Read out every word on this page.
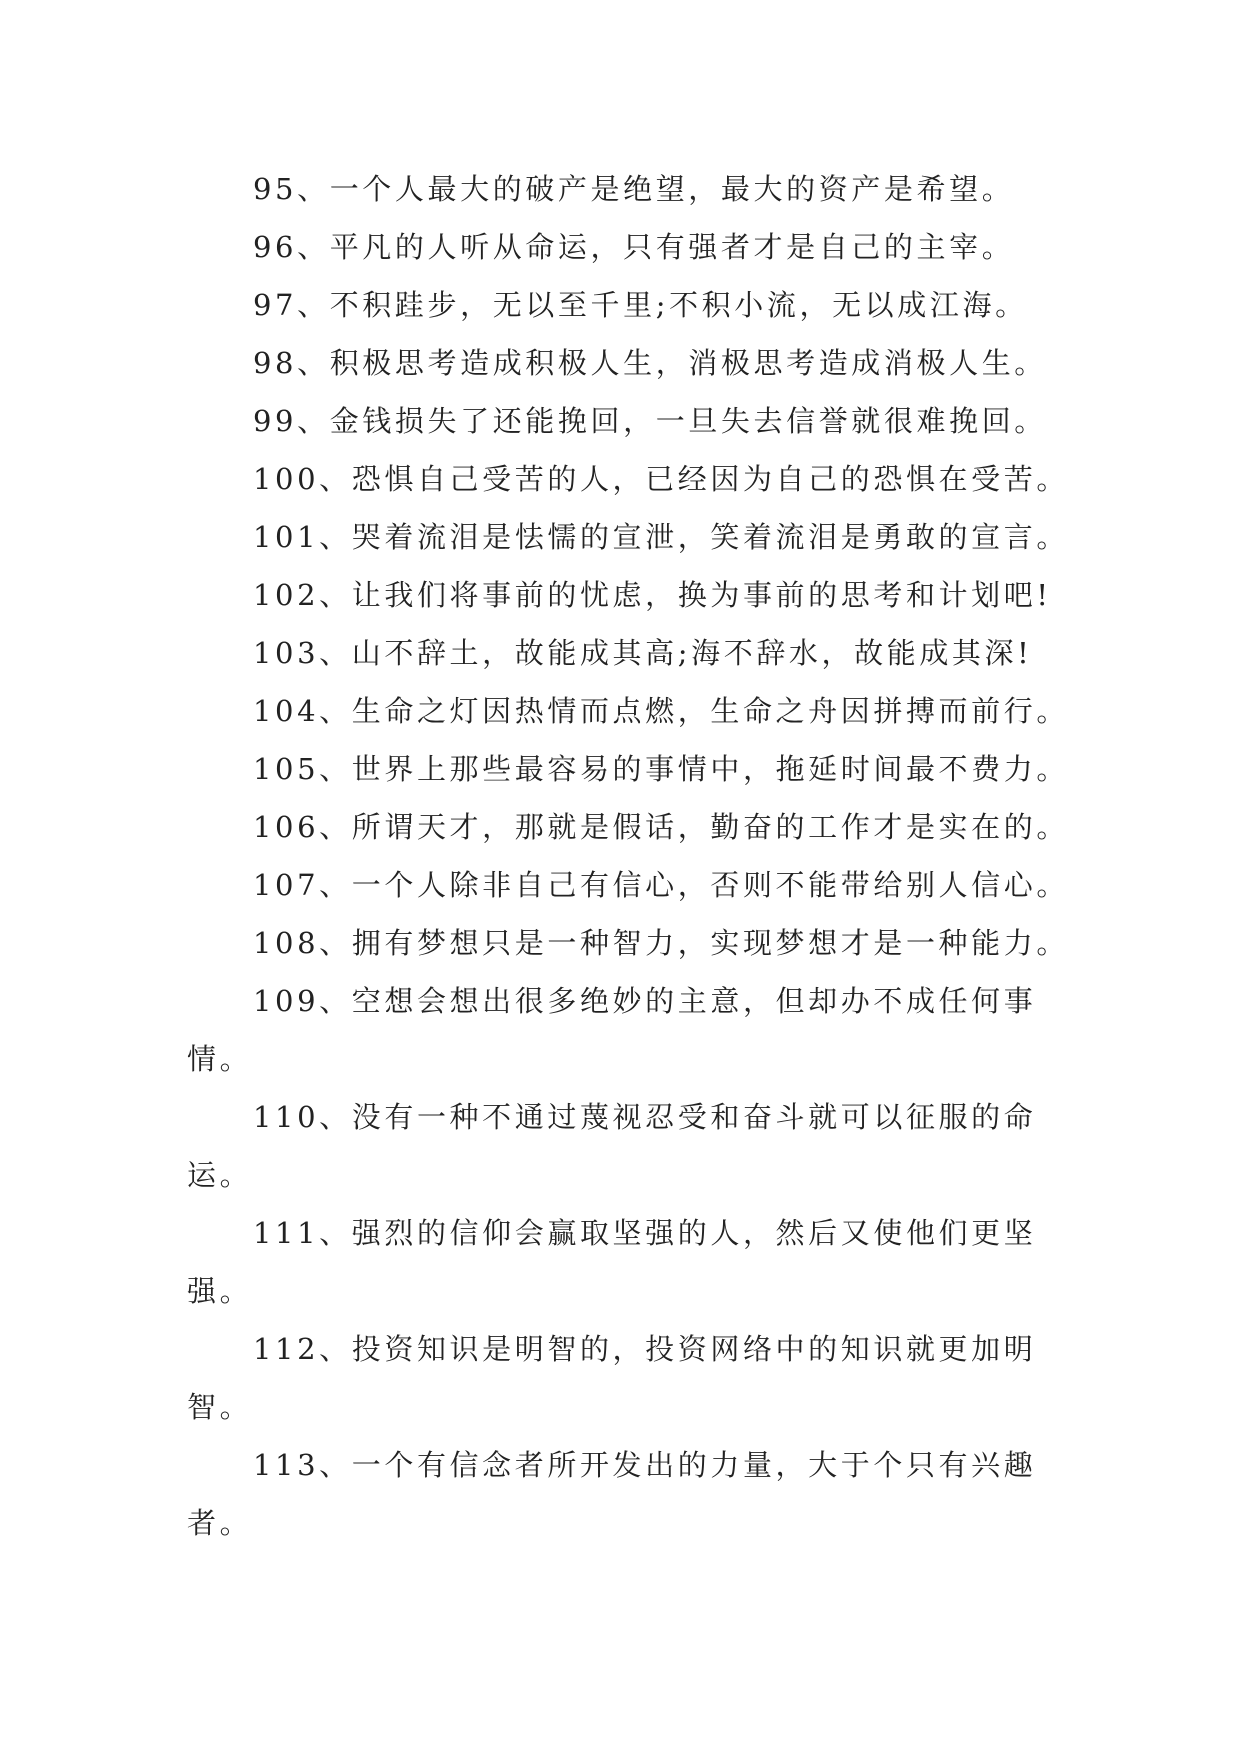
95、一个人最大的破产是绝望，最大的资产是希望。
96、平凡的人听从命运，只有强者才是自己的主宰。
97、不积跬步，无以至千里;不积小流，无以成江海。
98、积极思考造成积极人生，消极思考造成消极人生。
99、金钱损失了还能挽回，一旦失去信誉就很难挽回。
100、恐惧自己受苦的人，已经因为自己的恐惧在受苦。
101、哭着流泪是怯懦的宣泄，笑着流泪是勇敢的宣言。
102、让我们将事前的忧虑，换为事前的思考和计划吧!
103、山不辞土，故能成其高;海不辞水，故能成其深!
104、生命之灯因热情而点燃，生命之舟因拼搏而前行。
105、世界上那些最容易的事情中，拖延时间最不费力。
106、所谓天才，那就是假话，勤奋的工作才是实在的。
107、一个人除非自己有信心，否则不能带给别人信心。
108、拥有梦想只是一种智力，实现梦想才是一种能力。
109、空想会想出很多绝妙的主意，但却办不成任何事
情。
110、没有一种不通过蔑视忍受和奋斗就可以征服的命
运。
111、强烈的信仰会赢取坚强的人，然后又使他们更坚
强。
112、投资知识是明智的，投资网络中的知识就更加明
智。
113、一个有信念者所开发出的力量，大于个只有兴趣
者。
